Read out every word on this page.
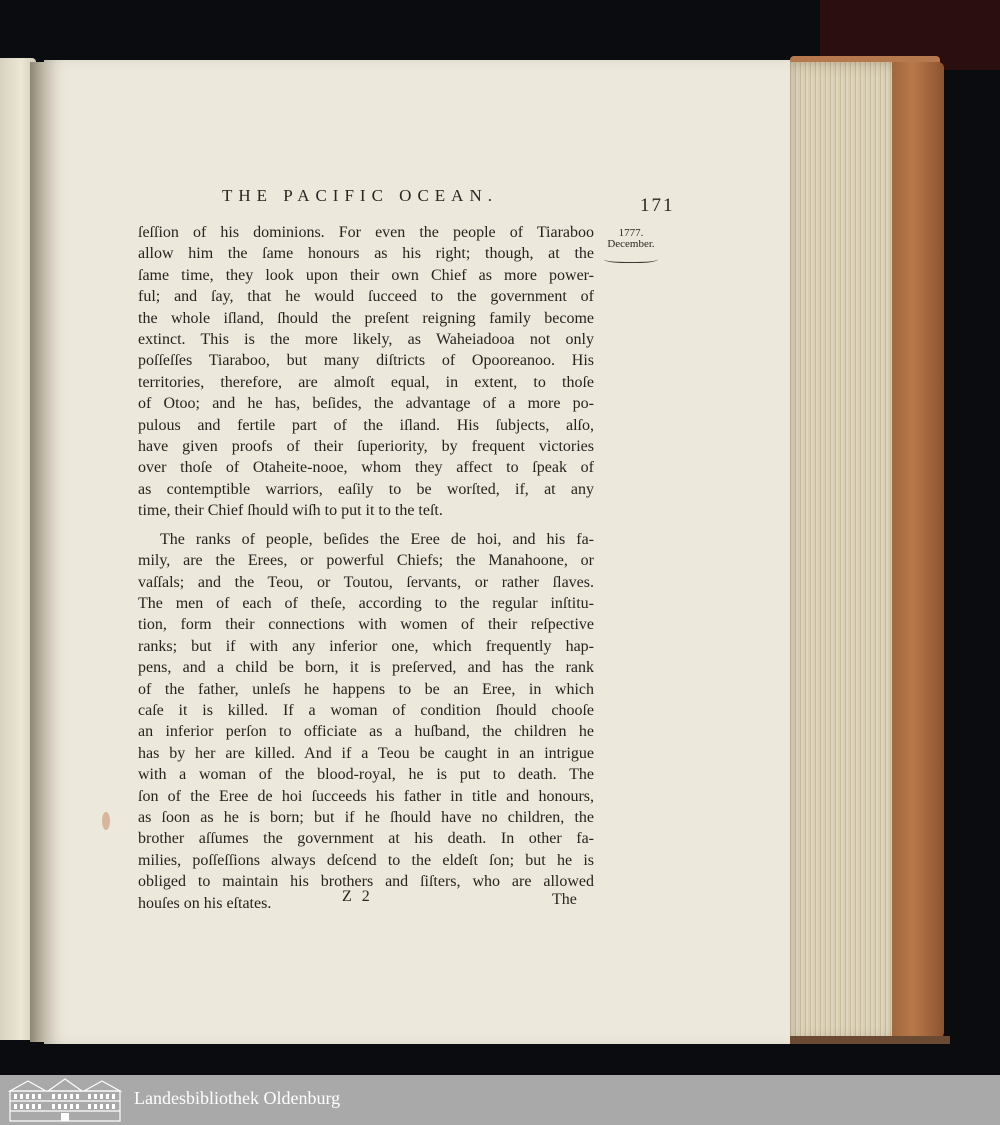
THE PACIFIC OCEAN.	171
1777.
December.

ſeſſion of his dominions. For even the people of Tiaraboo

allow him the ſame honours as his right; though, at the

ſame time, they look upon their own Chief as more power-

ful; and ſay, that he would ſucceed to the government of

the whole iſland, ſhould the preſent reigning family become

extinct. This is the more likely, as Waheiadooa not only

poſſeſſes Tiaraboo, but many diſtricts of Opooreanoo. His

territories, therefore, are almoſt equal, in extent, to thoſe

of Otoo; and he has, beſides, the advantage of a more po-

pulous and fertile part of the iſland. His ſubjects, alſo,

have given proofs of their ſuperiority, by frequent victories

over thoſe of Otaheite-nooe, whom they affect to ſpeak of

as contemptible warriors, eaſily to be worſted, if, at any

time, their Chief ſhould wiſh to put it to the teſt.

The ranks of people, beſides the Eree de hoi, and his fa-

mily, are the Erees, or powerful Chiefs; the Manahoone, or

vaſſals; and the Teou, or Toutou, ſervants, or rather ſlaves.

The men of each of theſe, according to the regular inſtitu-

tion, form their connections with women of their reſpective

ranks; but if with any inferior one, which frequently hap-

pens, and a child be born, it is preſerved, and has the rank

of the father, unleſs he happens to be an Eree, in which

caſe it is killed. If a woman of condition ſhould chooſe

an inferior perſon to officiate as a huſband, the children he

has by her are killed. And if a Teou be caught in an intrigue

with a woman of the blood-royal, he is put to death. The

ſon of the Eree de hoi ſucceeds his father in title and honours,

as ſoon as he is born; but if he ſhould have no children, the

brother aſſumes the government at his death. In other fa-

milies, poſſeſſions always deſcend to the eldeſt ſon; but he is

obliged to maintain his brothers and ſiſters, who are allowed

houſes on his eſtates.	Z 2	The
Landesbibliothek Oldenburg
